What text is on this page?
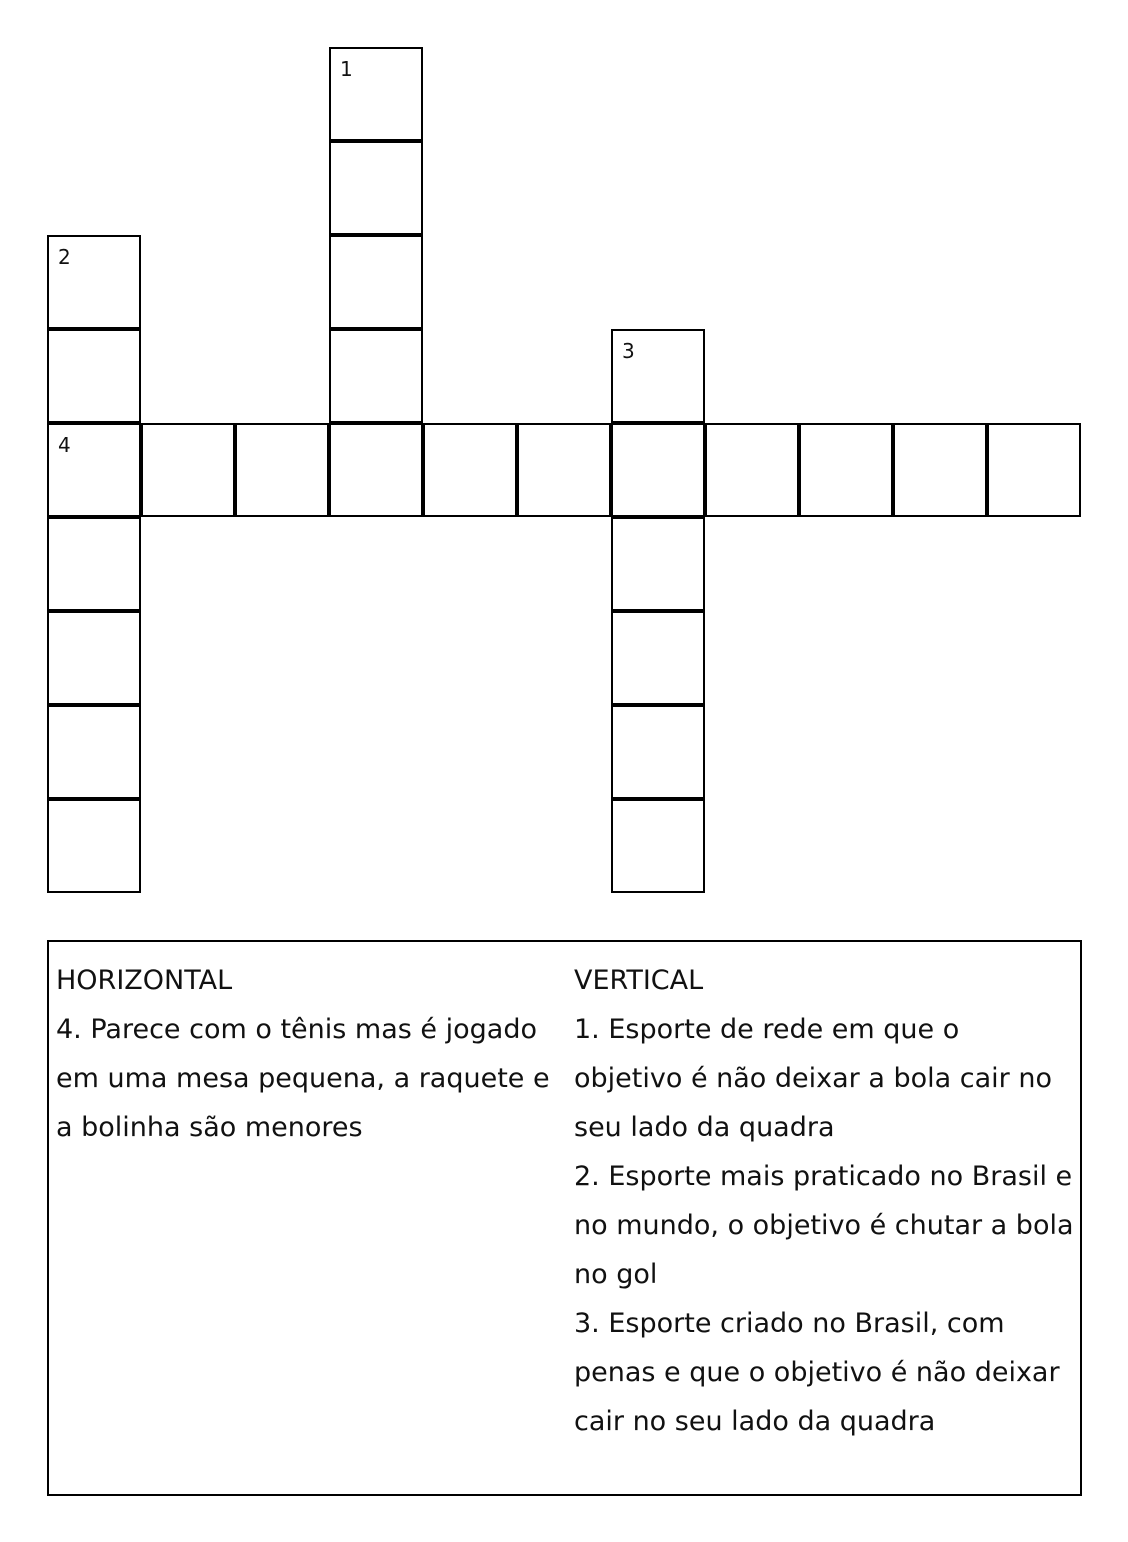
1
2
4
3

HORIZONTAL

4. Parece com o tênis mas é jogado em uma mesa pequena, a raquete e a bolinha são menores

VERTICAL

1. Esporte de rede em que o objetivo é não deixar a bola cair no seu lado da quadra

2. Esporte mais praticado no Brasil e no mundo, o objetivo é chutar a bola no gol

3. Esporte criado no Brasil, com penas e que o objetivo é não deixar cair no seu lado da quadra
